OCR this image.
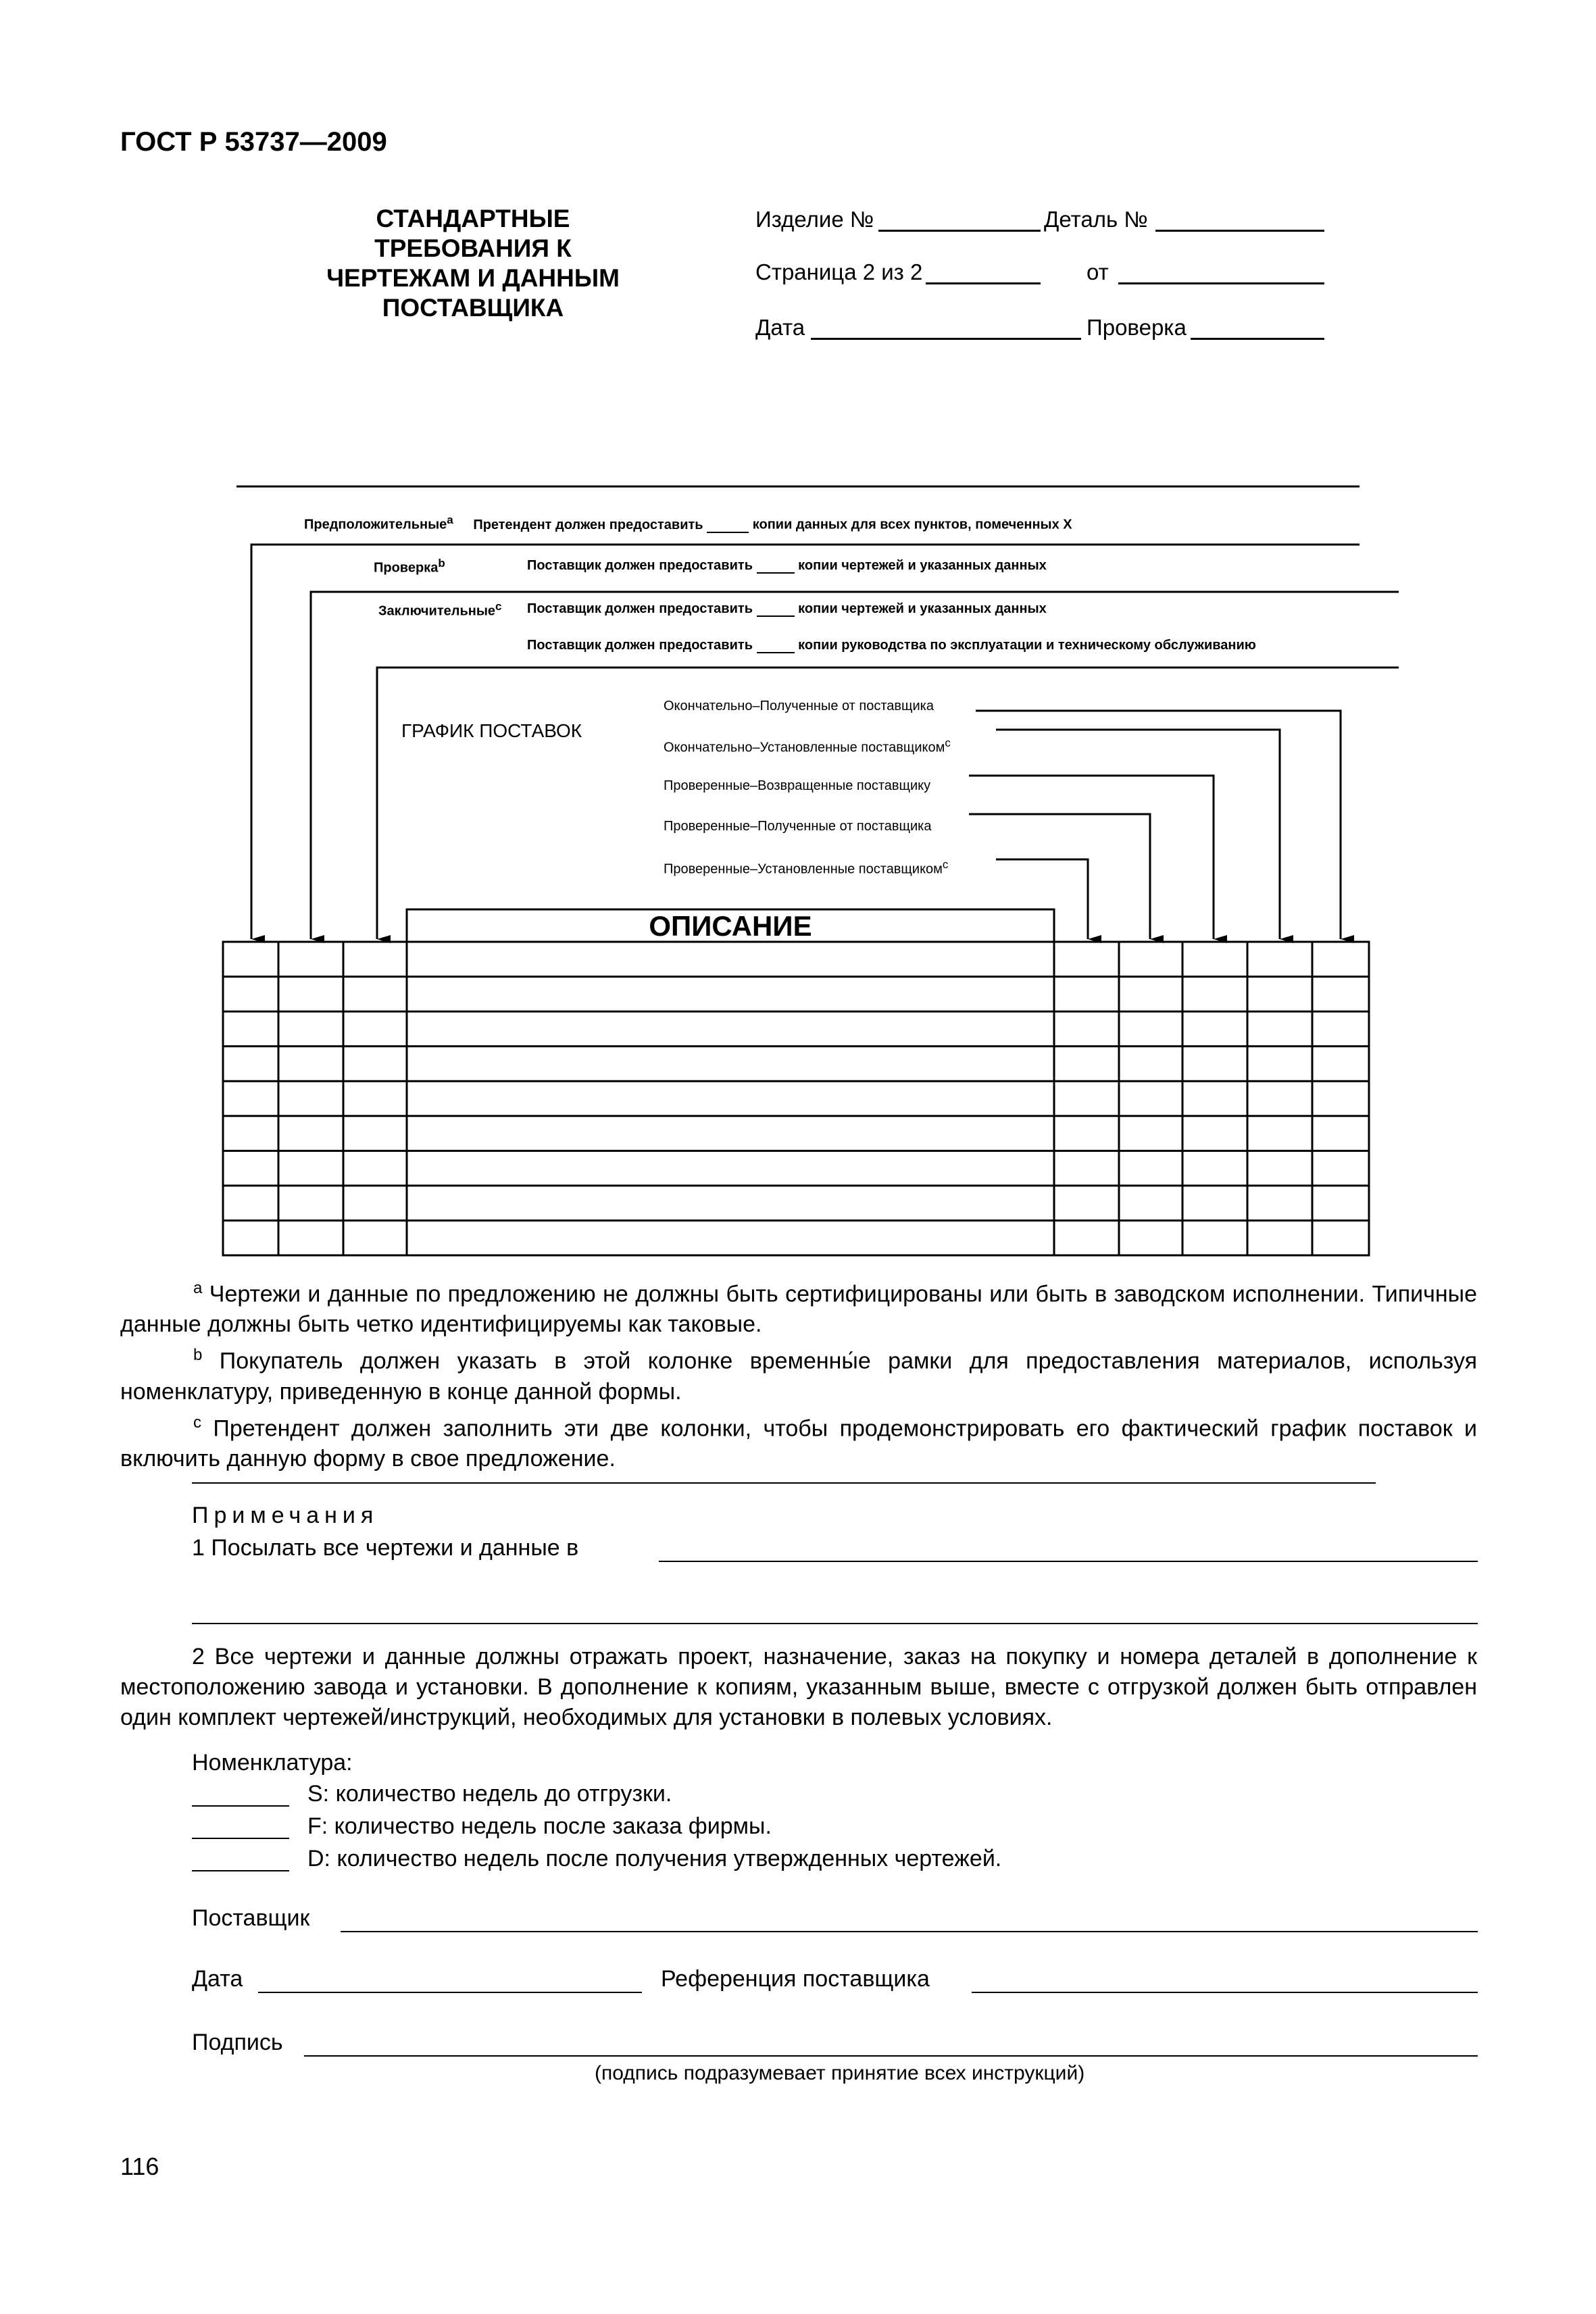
ГОСТ Р 53737—2009
СТАНДАРТНЫЕ
ТРЕБОВАНИЯ К
ЧЕРТЕЖАМ И ДАННЫМ
ПОСТАВЩИКА
Изделие №	Деталь №
Страница 2 из 2	от
Дата	Проверка
ОПИСАНИЕ
Предположительные$^a$ Претендент должен предоставить	копии данных для всех пунктов, помеченных Х
Проверка$^b$	Поставщик должен предоставить	копии чертежей и указанных данных
Заключительные$^c$ Поставщик должен предоставить	копии чертежей и указанных данных
Поставщик должен предоставить	копии руководства по эксплуатации и техническому обслуживанию
ГРАФИК ПОСТАВОК
Окончательно–Полученные от поставщика
Окончательно–Установленные поставщиком$^c$
Проверенные–Возвращенные поставщику
Проверенные–Полученные от поставщика
Проверенные–Установленные поставщиком$^c$
$^a$ Чертежи и данные по предложению не должны быть сертифицированы или быть в заводском исполнении. Типичные данные должны быть четко идентифицируемы как таковые.
$^b$ Покупатель должен указать в этой колонке временны́е рамки для предоставления материалов, используя номенклатуру, приведенную в конце данной формы.
$^c$ Претендент должен заполнить эти две колонки, чтобы продемонстрировать его фактический график поставок и включить данную форму в свое предложение.
Примечания
1 Посылать все чертежи и данные в
2 Все чертежи и данные должны отражать проект, назначение, заказ на покупку и номера деталей в дополнение к местоположению завода и установки. В дополнение к копиям, указанным выше, вместе с отгрузкой должен быть отправлен один комплект чертежей/инструкций, необходимых для установки в полевых условиях.
Номенклатура:
S: количество недель до отгрузки.
F: количество недель после заказа фирмы.
D: количество недель после получения утвержденных чертежей.
Поставщик
Дата	Референция поставщика
Подпись
(подпись подразумевает принятие всех инструкций)
116
